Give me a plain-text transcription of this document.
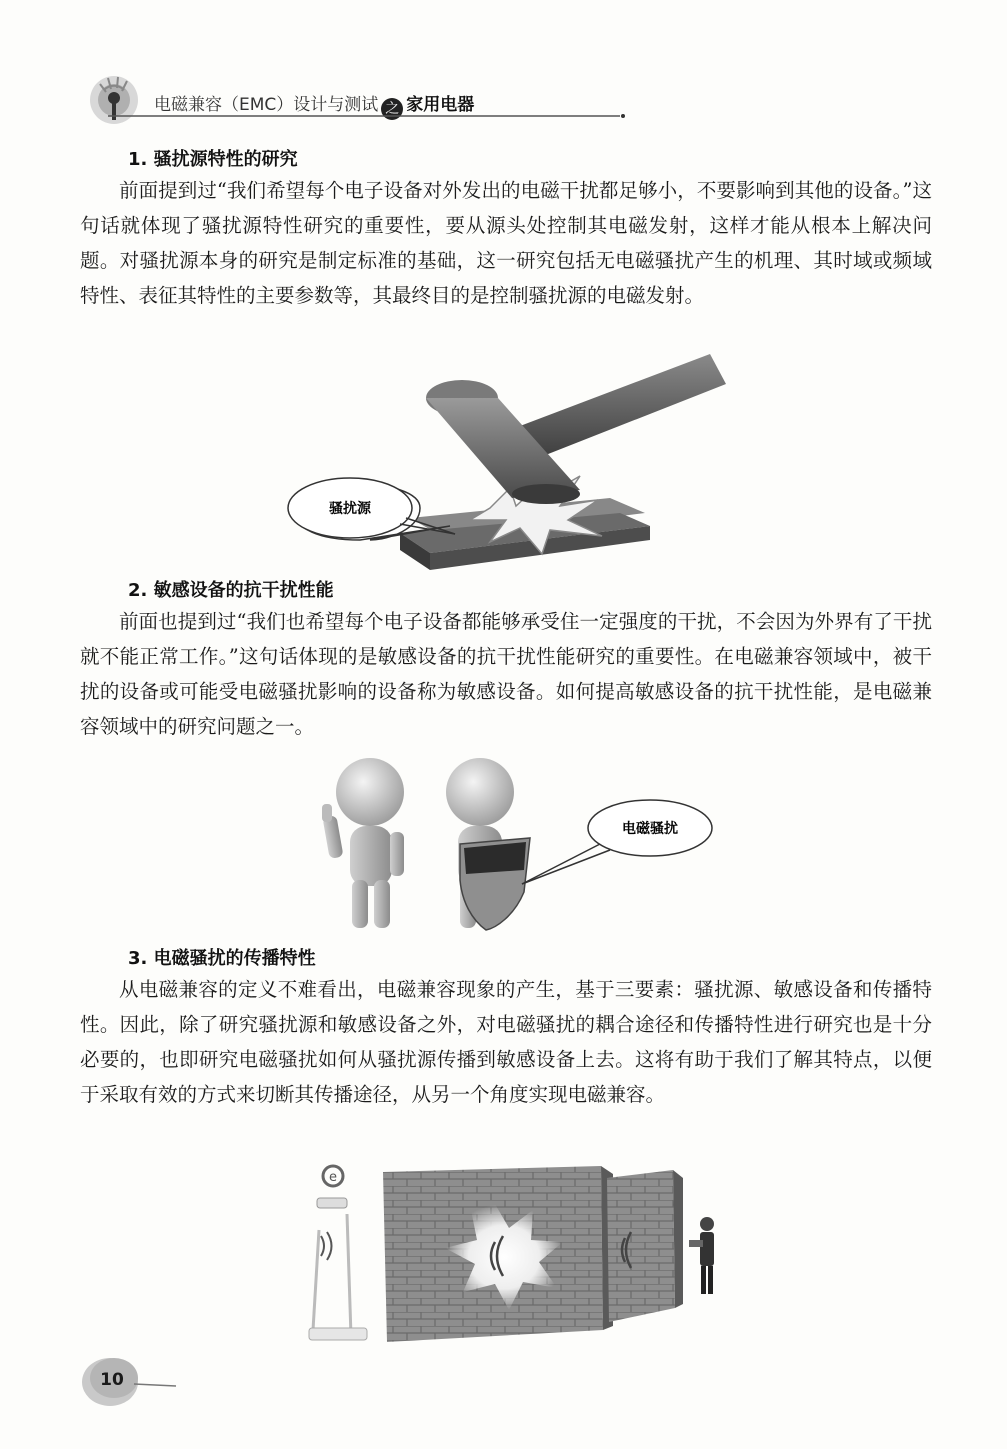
电磁兼容（EMC）设计与测试 之 家用电器
1. 骚扰源特性的研究

前面提到过“我们希望每个电子设备对外发出的电磁干扰都足够小，不要影响到其他的设备。”这句话就体现了骚扰源特性研究的重要性，要从源头处控制其电磁发射，这样才能从根本上解决问题。对骚扰源本身的研究是制定标准的基础，这一研究包括无电磁骚扰产生的机理、其时域或频域特性、表征其特性的主要参数等，其最终目的是控制骚扰源的电磁发射。

骚扰源
2. 敏感设备的抗干扰性能

前面也提到过“我们也希望每个电子设备都能够承受住一定强度的干扰，不会因为外界有了干扰就不能正常工作。”这句话体现的是敏感设备的抗干扰性能研究的重要性。在电磁兼容领域中，被干扰的设备或可能受电磁骚扰影响的设备称为敏感设备。如何提高敏感设备的抗干扰性能，是电磁兼容领域中的研究问题之一。

电磁骚扰
3. 电磁骚扰的传播特性

从电磁兼容的定义不难看出，电磁兼容现象的产生，基于三要素：骚扰源、敏感设备和传播特性。因此，除了研究骚扰源和敏感设备之外，对电磁骚扰的耦合途径和传播特性进行研究也是十分必要的，也即研究电磁骚扰如何从骚扰源传播到敏感设备上去。这将有助于我们了解其特点，以便于采取有效的方式来切断其传播途径，从另一个角度实现电磁兼容。

e
10
